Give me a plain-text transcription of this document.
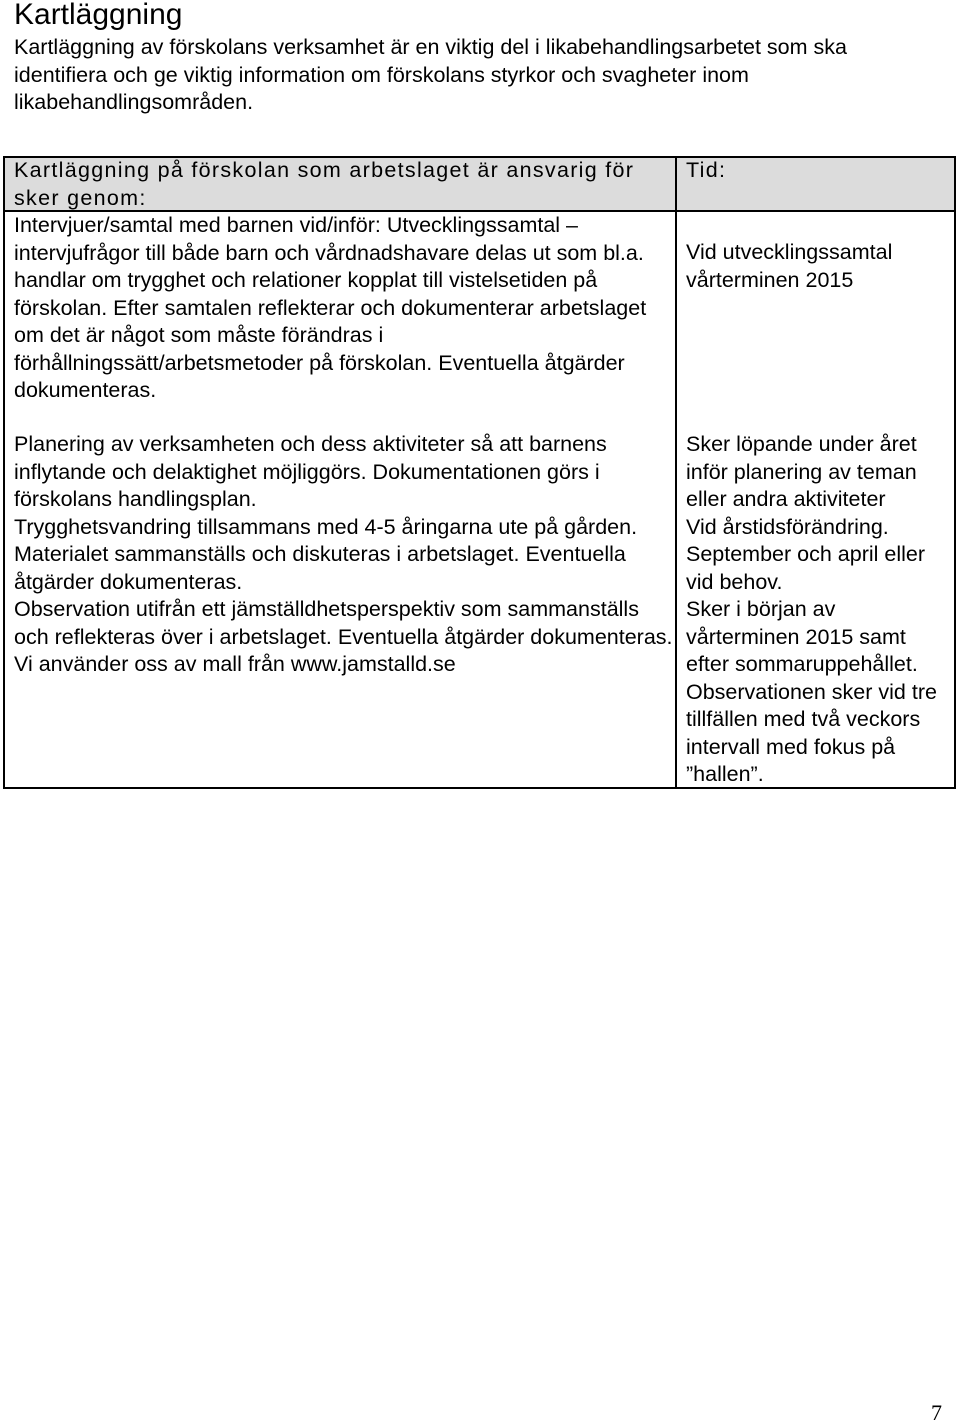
Kartläggning

Kartläggning av förskolans verksamhet är en viktig del i likabehandlingsarbetet som ska identifiera och ge viktig information om förskolans styrkor och svagheter inom likabehandlingsområden.

Kartläggning på förskolan som arbetslaget är ansvarig för sker genom:

Tid:

Intervjuer/samtal med barnen vid/inför: Utvecklingssamtal – intervjufrågor till både barn och vårdnadshavare delas ut som bl.a. handlar om trygghet och relationer kopplat till vistelsetiden på förskolan. Efter samtalen reflekterar och dokumenterar arbetslaget om det är något som måste förändras i förhållningssätt/arbetsmetoder på förskolan. Eventuella åtgärder dokumenteras.

Vid utvecklingssamtal vårterminen 2015

Planering av verksamheten och dess aktiviteter så att barnens inflytande och delaktighet möjliggörs. Dokumentationen görs i förskolans handlingsplan.

Trygghetsvandring tillsammans med 4-5 åringarna ute på gården. Materialet sammanställs och diskuteras i arbetslaget. Eventuella åtgärder dokumenteras.

Observation utifrån ett jämställdhetsperspektiv som sammanställs och reflekteras över i arbetslaget. Eventuella åtgärder dokumenteras. Vi använder oss av mall från www.jamstalld.se

Sker löpande under året inför planering av teman eller andra aktiviteter

Vid årstidsförändring. September och april eller vid behov.

Sker i början av vårterminen 2015 samt efter sommaruppehållet. Observationen sker vid tre tillfällen med två veckors intervall med fokus på ”hallen”.

7
